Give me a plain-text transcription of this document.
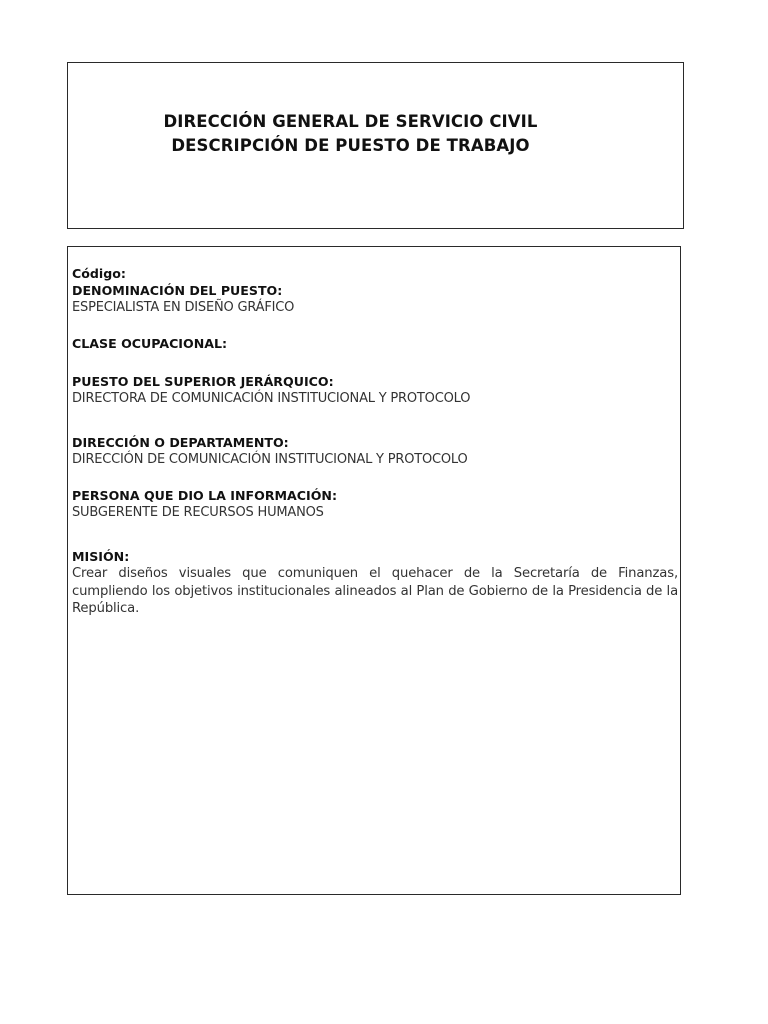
DIRECCIÓN GENERAL DE SERVICIO CIVIL
DESCRIPCIÓN DE PUESTO DE TRABAJO
Código:
DENOMINACIÓN DEL PUESTO:
ESPECIALISTA EN DISEÑO GRÁFICO
CLASE OCUPACIONAL:
PUESTO DEL SUPERIOR JERÁRQUICO:
DIRECTORA DE COMUNICACIÓN INSTITUCIONAL Y PROTOCOLO
DIRECCIÓN O DEPARTAMENTO:
DIRECCIÓN DE COMUNICACIÓN INSTITUCIONAL Y PROTOCOLO
PERSONA QUE DIO LA INFORMACIÓN:
SUBGERENTE DE RECURSOS HUMANOS
MISIÓN:
Crear diseños visuales que comuniquen el quehacer de la Secretaría de Finanzas, cumpliendo los objetivos institucionales alineados al Plan de Gobierno de la Presidencia de la República.
